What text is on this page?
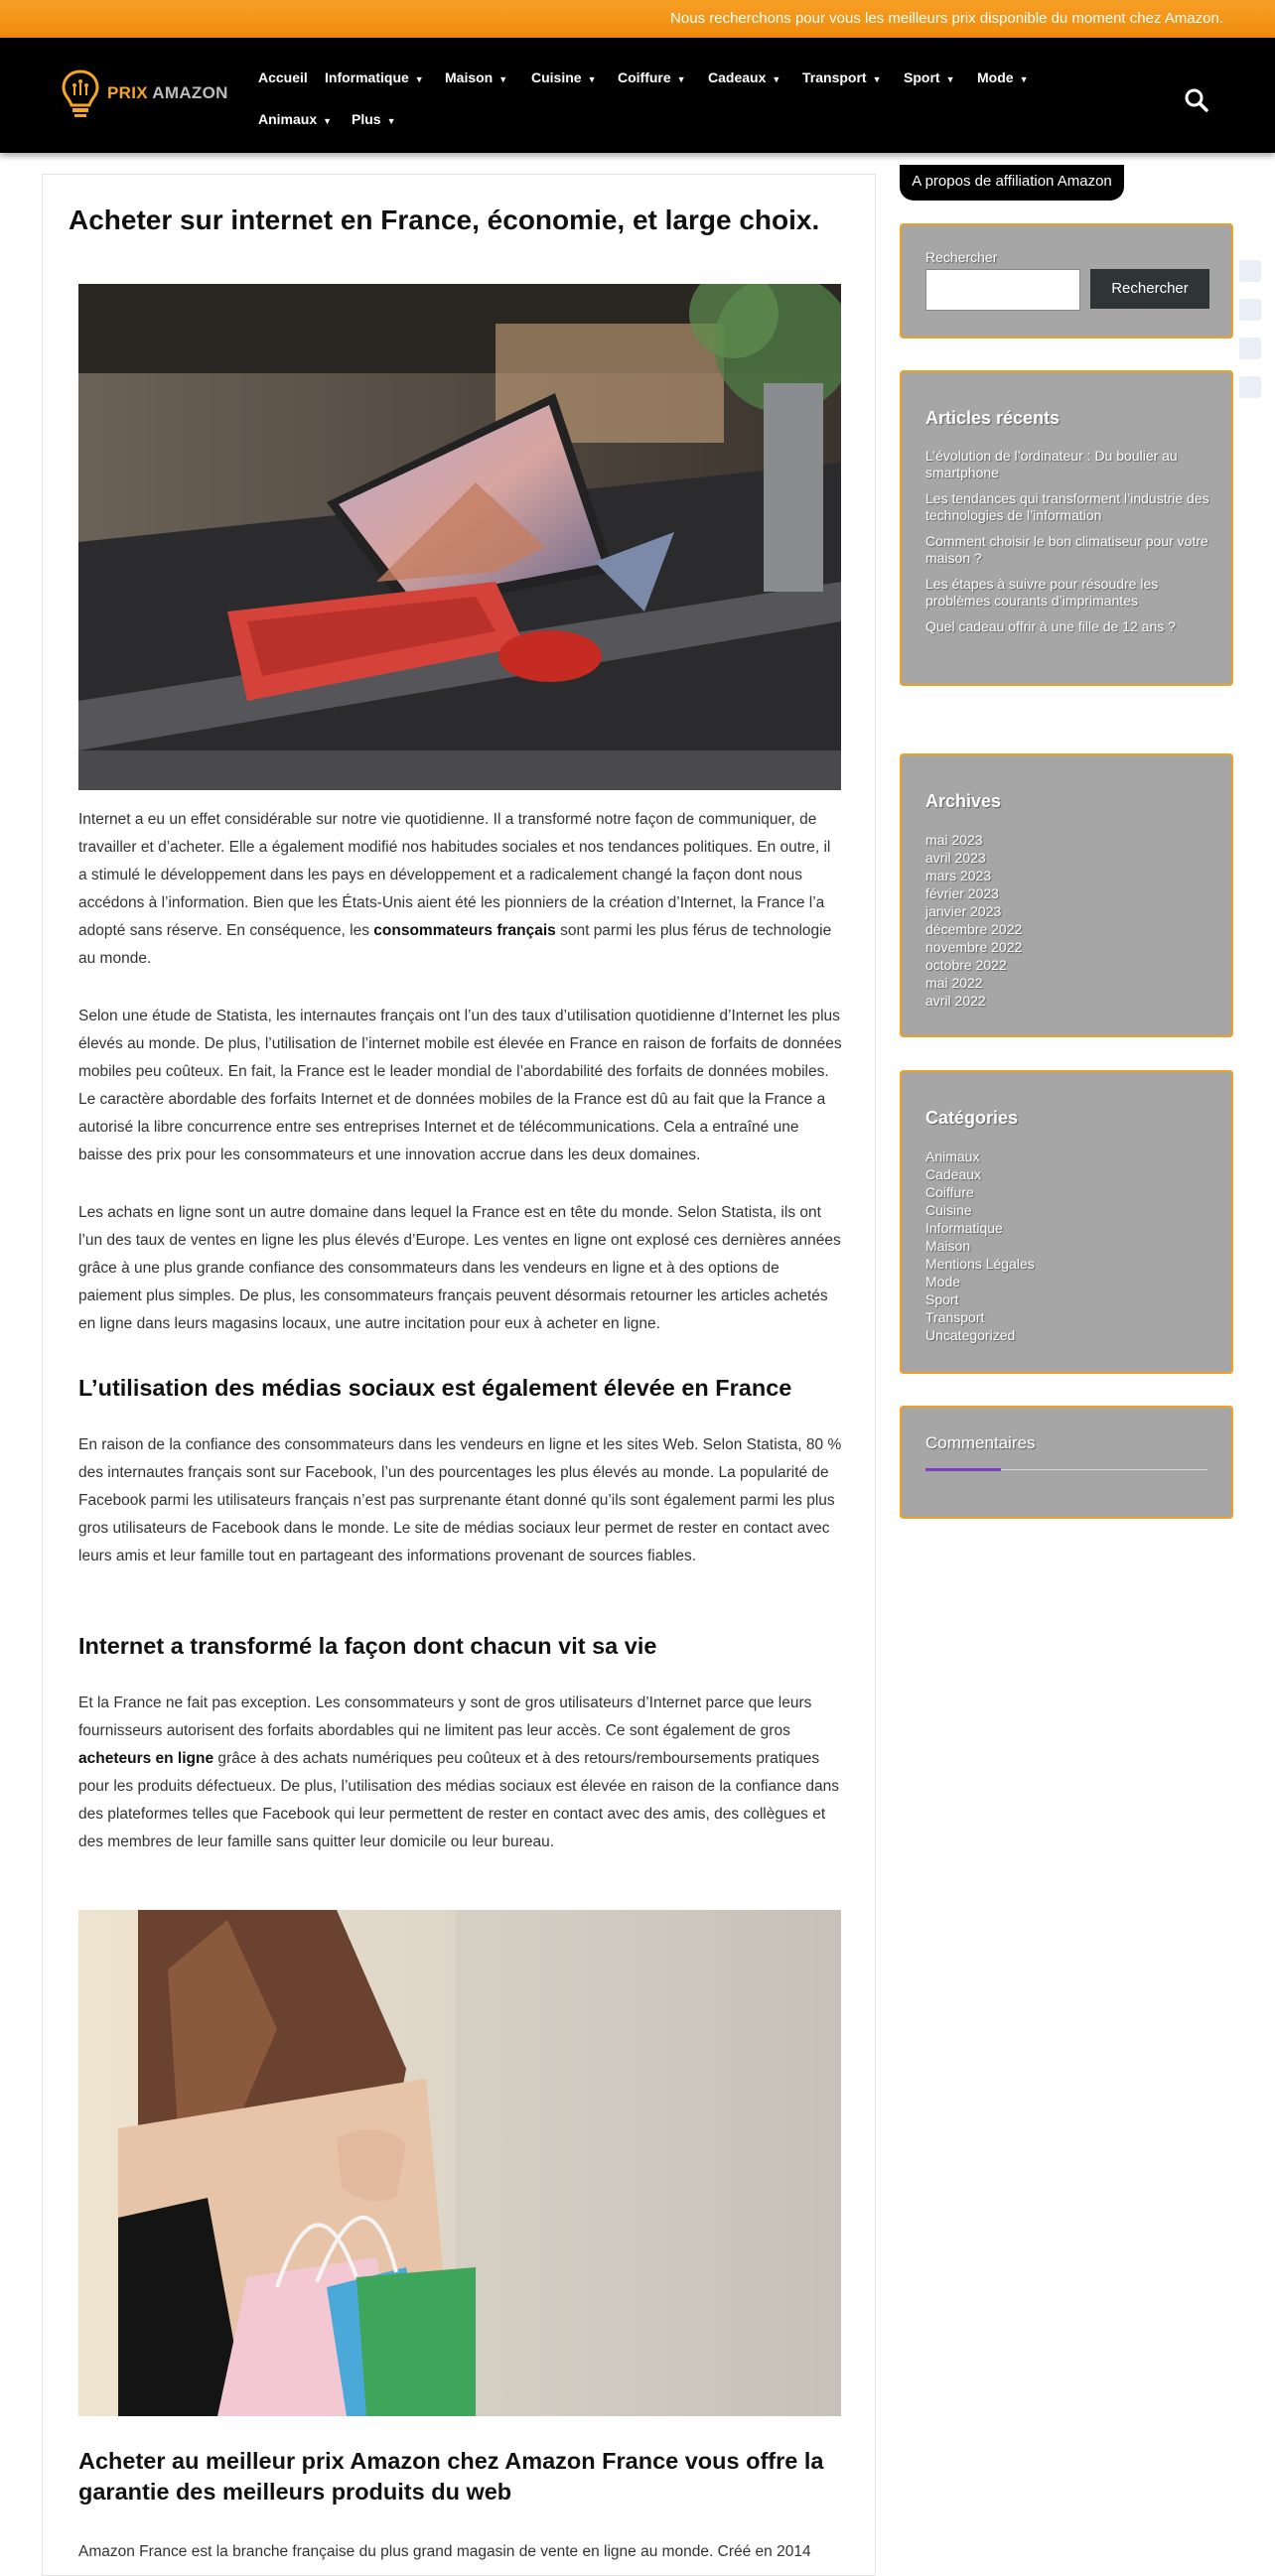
Nous recherchons pour vous les meilleurs prix disponible du moment chez Amazon.
PRIX AMAZON
Accueil Informatique ▼ Maison ▼ Cuisine ▼ Coiffure ▼ Cadeaux ▼ Transport ▼ Sport ▼ Mode ▼
Animaux ▼ Plus ▼
Acheter sur internet en France, économie, et large choix.

Internet a eu un effet considérable sur notre vie quotidienne. Il a transformé notre façon de communiquer, de travailler et d’acheter. Elle a également modifié nos habitudes sociales et nos tendances politiques. En outre, il a stimulé le développement dans les pays en développement et a radicalement changé la façon dont nous accédons à l’information. Bien que les États-Unis aient été les pionniers de la création d’Internet, la France l’a adopté sans réserve. En conséquence, les consommateurs français sont parmi les plus férus de technologie au monde.

Selon une étude de Statista, les internautes français ont l’un des taux d’utilisation quotidienne d’Internet les plus élevés au monde. De plus, l’utilisation de l’internet mobile est élevée en France en raison de forfaits de données mobiles peu coûteux. En fait, la France est le leader mondial de l’abordabilité des forfaits de données mobiles. Le caractère abordable des forfaits Internet et de données mobiles de la France est dû au fait que la France a autorisé la libre concurrence entre ses entreprises Internet et de télécommunications. Cela a entraîné une baisse des prix pour les consommateurs et une innovation accrue dans les deux domaines.

Les achats en ligne sont un autre domaine dans lequel la France est en tête du monde. Selon Statista, ils ont l’un des taux de ventes en ligne les plus élevés d’Europe. Les ventes en ligne ont explosé ces dernières années grâce à une plus grande confiance des consommateurs dans les vendeurs en ligne et à des options de paiement plus simples. De plus, les consommateurs français peuvent désormais retourner les articles achetés en ligne dans leurs magasins locaux, une autre incitation pour eux à acheter en ligne.

L’utilisation des médias sociaux est également élevée en France

En raison de la confiance des consommateurs dans les vendeurs en ligne et les sites Web. Selon Statista, 80 % des internautes français sont sur Facebook, l’un des pourcentages les plus élevés au monde. La popularité de Facebook parmi les utilisateurs français n’est pas surprenante étant donné qu’ils sont également parmi les plus gros utilisateurs de Facebook dans le monde. Le site de médias sociaux leur permet de rester en contact avec leurs amis et leur famille tout en partageant des informations provenant de sources fiables.

Internet a transformé la façon dont chacun vit sa vie

Et la France ne fait pas exception. Les consommateurs y sont de gros utilisateurs d’Internet parce que leurs fournisseurs autorisent des forfaits abordables qui ne limitent pas leur accès. Ce sont également de gros acheteurs en ligne grâce à des achats numériques peu coûteux et à des retours/remboursements pratiques pour les produits défectueux. De plus, l’utilisation des médias sociaux est élevée en raison de la confiance dans des plateformes telles que Facebook qui leur permettent de rester en contact avec des amis, des collègues et des membres de leur famille sans quitter leur domicile ou leur bureau.

Acheter au meilleur prix Amazon chez Amazon France vous offre la garantie des meilleurs produits du web

Amazon France est la branche française du plus grand magasin de vente en ligne au monde. Créé en 2014

A propos de affiliation Amazon
Rechercher
Rechercher
Articles récents
L’évolution de l’ordinateur : Du boulier au smartphone
Les tendances qui transforment l’industrie des technologies de l’information
Comment choisir le bon climatiseur pour votre maison ?
Les étapes à suivre pour résoudre les problèmes courants d’imprimantes
Quel cadeau offrir à une fille de 12 ans ?
Archives
mai 2023
avril 2023
mars 2023
février 2023
janvier 2023
décembre 2022
novembre 2022
octobre 2022
mai 2022
avril 2022
Catégories
Animaux
Cadeaux
Coiffure
Cuisine
Informatique
Maison
Mentions Légales
Mode
Sport
Transport
Uncategorized
Commentaires
